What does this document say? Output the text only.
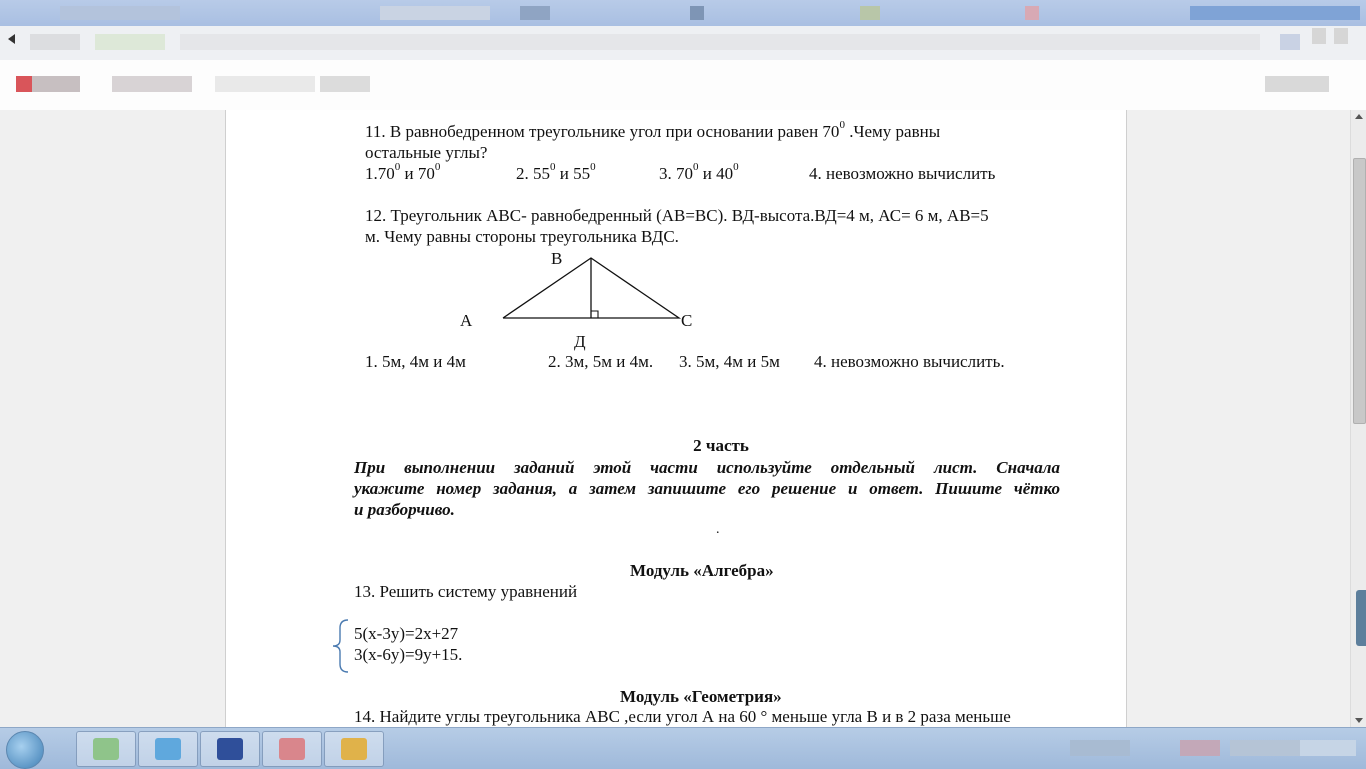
11. В равнобедренном треугольнике угол при основании равен $70^0$ .Чему равны
остальные углы?
1.70$^0$ и $70^0$	2. $55^0$ и $55^0$	3. $70^0$ и $40^0$	4. невозможно вычислить
12. Треугольник АВС- равнобедренный (АВ=ВС). ВД-высота.ВД=4 м, АС= 6 м, АВ=5
м. Чему равны стороны треугольника ВДС.
В
А	С
Д
1. 5м, 4м и 4м	2. 3м, 5м и 4м. 3. 5м, 4м и 5м 4. невозможно вычислить.
2 часть
При выполнении заданий этой части используйте отдельный лист. Сначала
укажите номер задания, а затем запишите его решение и ответ. Пишите чётко
и разборчиво.
.
Модуль «Алгебра»
13. Решить систему уравнений
5(х-3у)=2х+27
3(х-6у)=9у+15.
Модуль «Геометрия»
14. Найдите углы треугольника АВС ,если угол А на 60 ° меньше угла В и в 2 раза меньше
